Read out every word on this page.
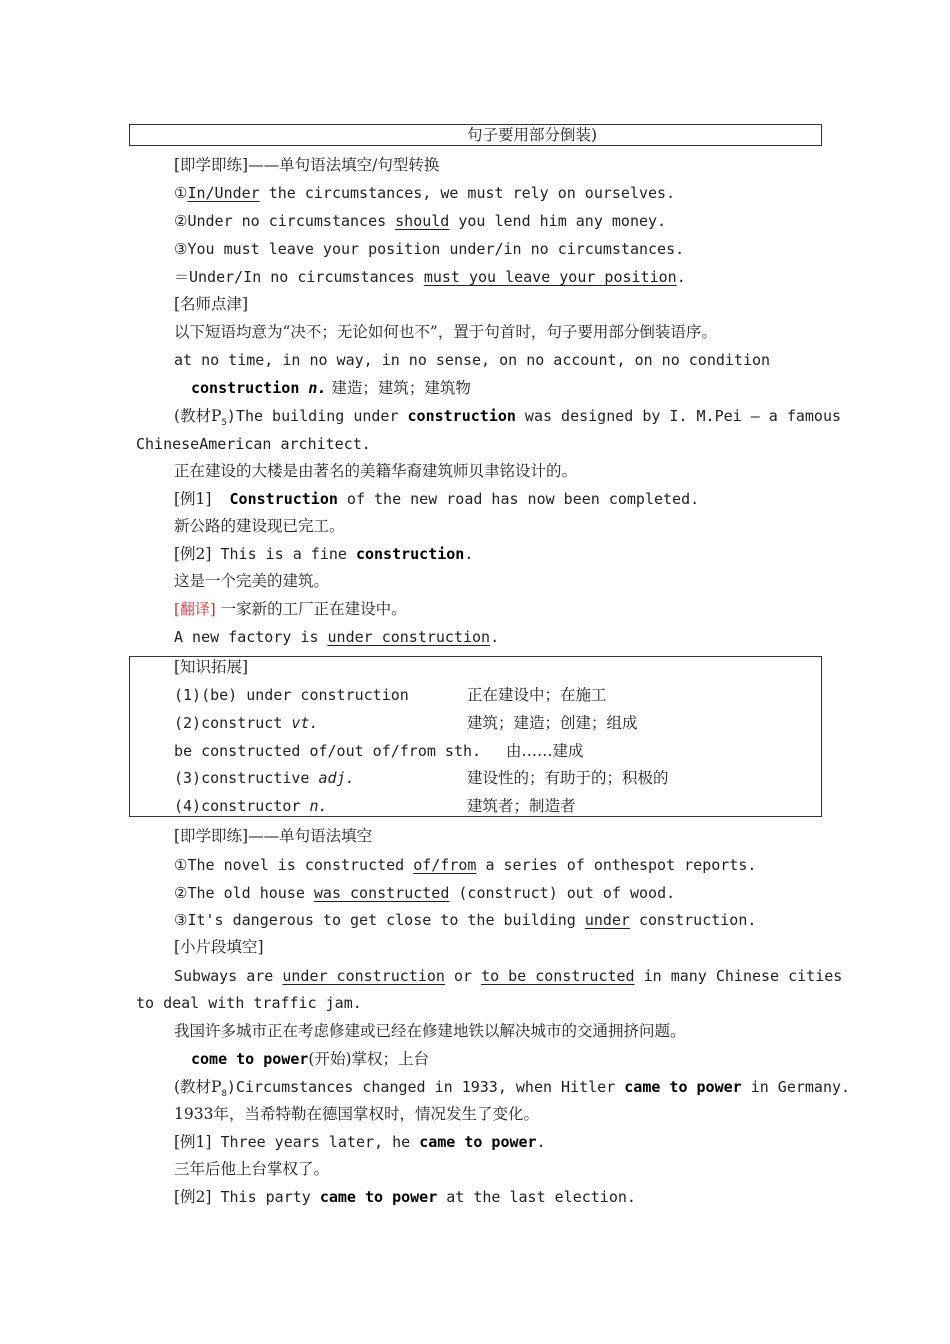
句子要用部分倒装)
[即学即练]——单句语法填空/句型转换
①In/Under the circumstances, we must rely on ourselves.
②Under no circumstances should you lend him any money.
③You must leave your position under/in no circumstances.
＝Under/In no circumstances must you leave your position.
[名师点津]
以下短语均意为“决不；无论如何也不”，置于句首时，句子要用部分倒装语序。
at no time, in no way, in no sense, on no account, on no condition
construction n. 建造；建筑；建筑物
(教材$P_5)The$ building under construction was designed by I. M.Pei — a famous
ChineseAmerican architect.
正在建设的大楼是由著名的美籍华裔建筑师贝聿铭设计的。
[例1] Construction of the new road has now been completed.
新公路的建设现已完工。
[例2] This is a fine construction.
这是一个完美的建筑。
[翻译] 一家新的工厂正在建设中。
A new factory is under construction.
[知识拓展]
(1)(be) under construction	正在建设中；在施工
(2)construct vt.	建筑；建造；创建；组成
be constructed of/out of/from sth. 由……建成
(3)constructive adj.	建设性的；有助于的；积极的
(4)constructor n.	建筑者；制造者
[即学即练]——单句语法填空
①The novel is constructed of/from a series of onthespot reports.
②The old house was constructed (construct) out of wood.
③It's dangerous to get close to the building under construction.
[小片段填空]
Subways are under construction or to be constructed in many Chinese cities
to deal with traffic jam.
我国许多城市正在考虑修建或已经在修建地铁以解决城市的交通拥挤问题。
come to power(开始)掌权；上台
(教材$P_8)Circumstances$ changed in 1933, when Hitler came to power in Germany.
1933年，当希特勒在德国掌权时，情况发生了变化。
[例1] Three years later, he came to power.
三年后他上台掌权了。
[例2] This party came to power at the last election.
